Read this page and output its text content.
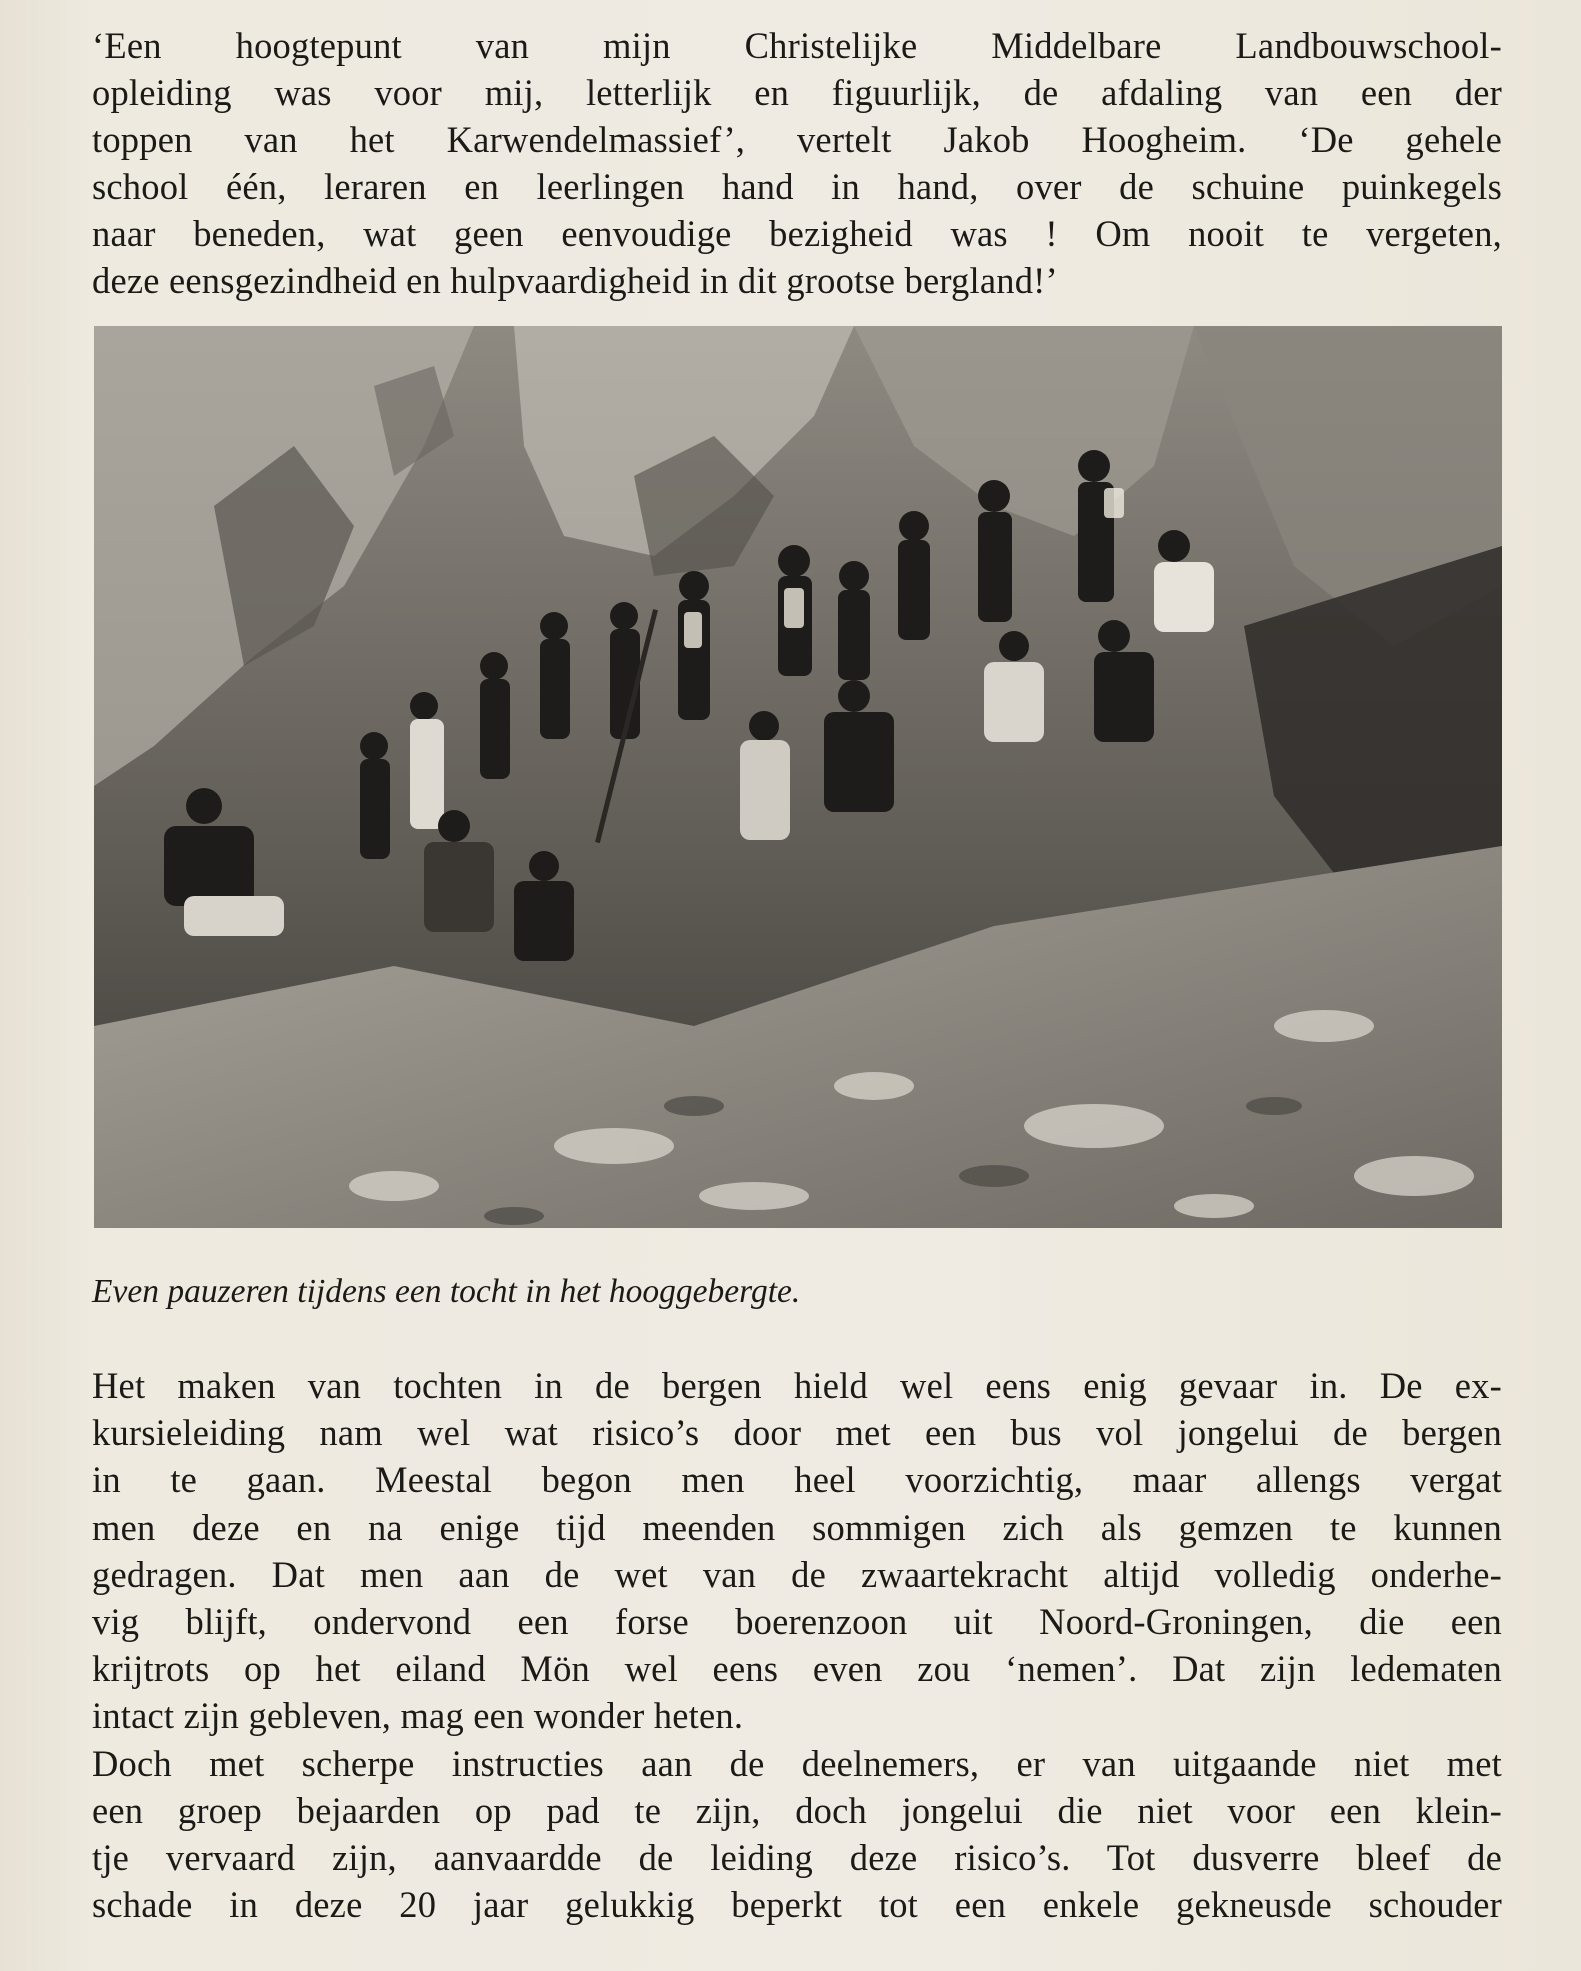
‘Een hoogtepunt van mijn Christelijke Middelbare Landbouwschool-
opleiding was voor mij, letterlijk en figuurlijk, de afdaling van een der
toppen van het Karwendelmassief’, vertelt Jakob Hoogheim. ‘De gehele
school één, leraren en leerlingen hand in hand, over de schuine puinkegels
naar beneden, wat geen eenvoudige bezigheid was ! Om nooit te vergeten,
deze eensgezindheid en hulpvaardigheid in dit grootse bergland!’
Even pauzeren tijdens een tocht in het hooggebergte.
Het maken van tochten in de bergen hield wel eens enig gevaar in. De ex-
kursieleiding nam wel wat risico’s door met een bus vol jongelui de bergen
in te gaan. Meestal begon men heel voorzichtig, maar allengs vergat
men deze en na enige tijd meenden sommigen zich als gemzen te kunnen
gedragen. Dat men aan de wet van de zwaartekracht altijd volledig onderhe-
vig blijft, ondervond een forse boerenzoon uit Noord-Groningen, die een
krijtrots op het eiland Mön wel eens even zou ‘nemen’. Dat zijn ledematen
intact zijn gebleven, mag een wonder heten.
Doch met scherpe instructies aan de deelnemers, er van uitgaande niet met
een groep bejaarden op pad te zijn, doch jongelui die niet voor een klein-
tje vervaard zijn, aanvaardde de leiding deze risico’s. Tot dusverre bleef de
schade in deze 20 jaar gelukkig beperkt tot een enkele gekneusde schouder
